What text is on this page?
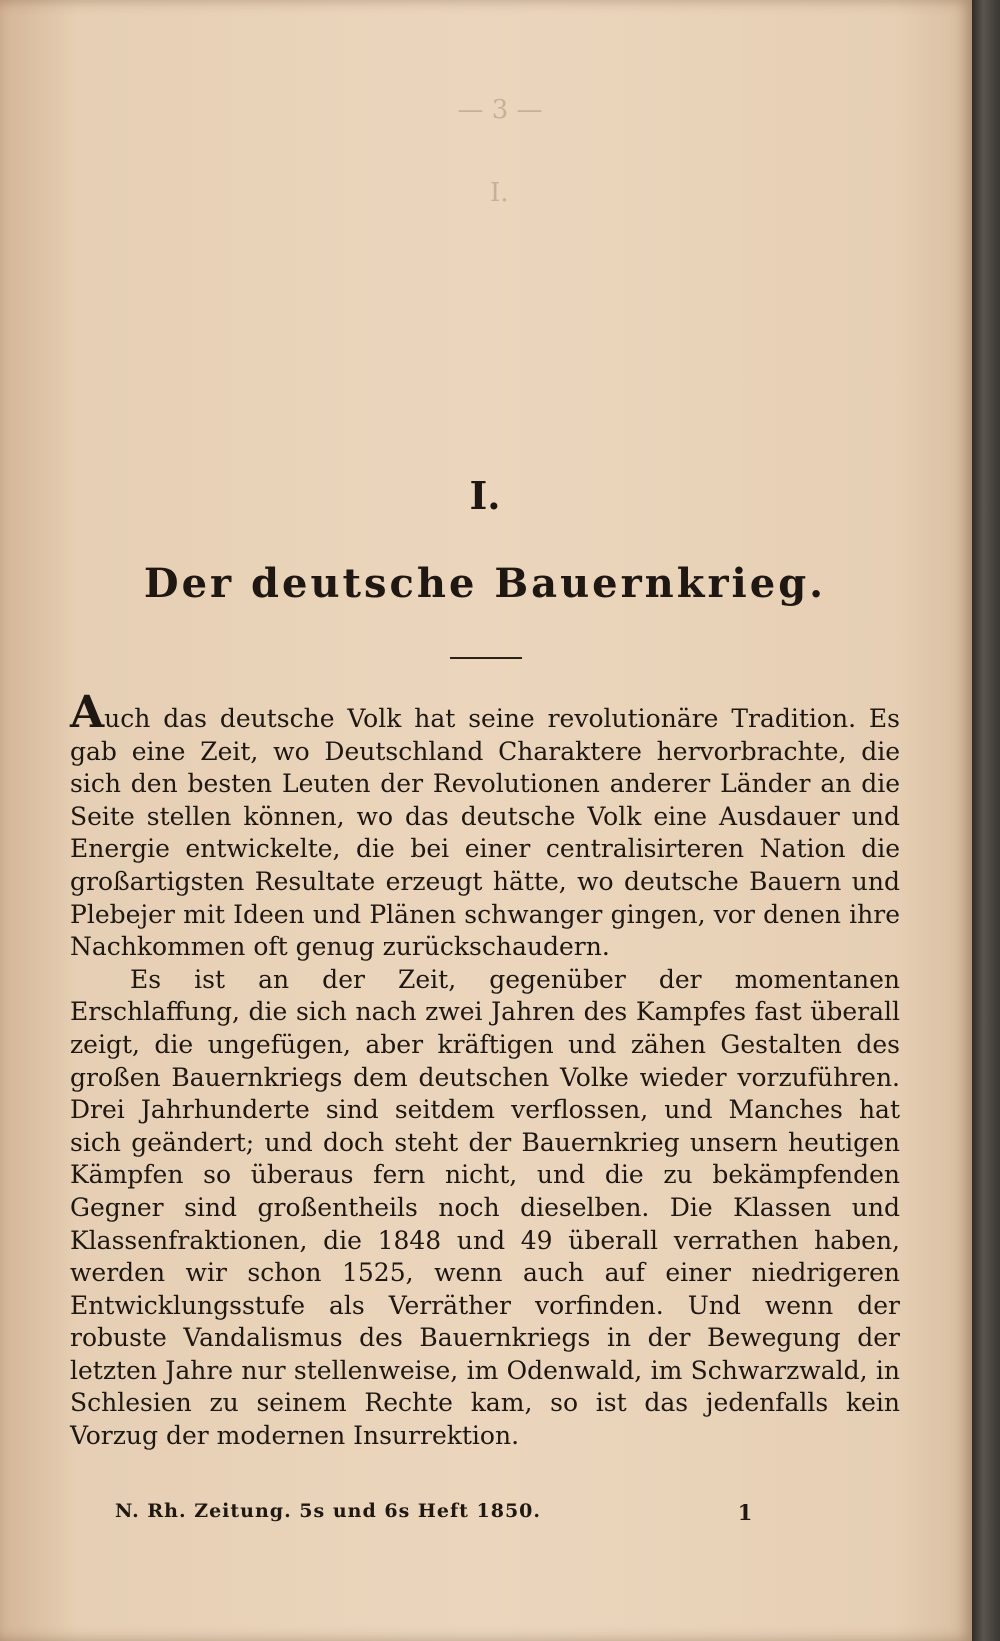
— 3 —
I.
I.
Der deutsche Bauernkrieg.

Auch das deutsche Volk hat seine revolutionäre Tradition. Es gab eine Zeit, wo Deutschland Charaktere hervorbrachte, die sich den besten Leuten der Revolutionen anderer Länder an die Seite stellen können, wo das deutsche Volk eine Ausdauer und Energie entwickelte, die bei einer centralisirteren Nation die großartigsten Resultate erzeugt hätte, wo deutsche Bauern und Plebejer mit Ideen und Plänen schwanger gingen, vor denen ihre Nachkommen oft genug zurückschaudern.

Es ist an der Zeit, gegenüber der momentanen Erschlaffung, die sich nach zwei Jahren des Kampfes fast überall zeigt, die ungefügen, aber kräftigen und zähen Gestalten des großen Bauernkriegs dem deutschen Volke wieder vorzuführen. Drei Jahrhunderte sind seitdem verflossen, und Manches hat sich geändert; und doch steht der Bauernkrieg unsern heutigen Kämpfen so überaus fern nicht, und die zu bekämpfenden Gegner sind großentheils noch dieselben. Die Klassen und Klassenfraktionen, die 1848 und 49 überall verrathen haben, werden wir schon 1525, wenn auch auf einer niedrigeren Entwicklungsstufe als Verräther vorfinden. Und wenn der robuste Vandalismus des Bauernkriegs in der Bewegung der letzten Jahre nur stellenweise, im Odenwald, im Schwarzwald, in Schlesien zu seinem Rechte kam, so ist das jedenfalls kein Vorzug der modernen Insurrektion.

N. Rh. Zeitung. 5s und 6s Heft 1850.	1
